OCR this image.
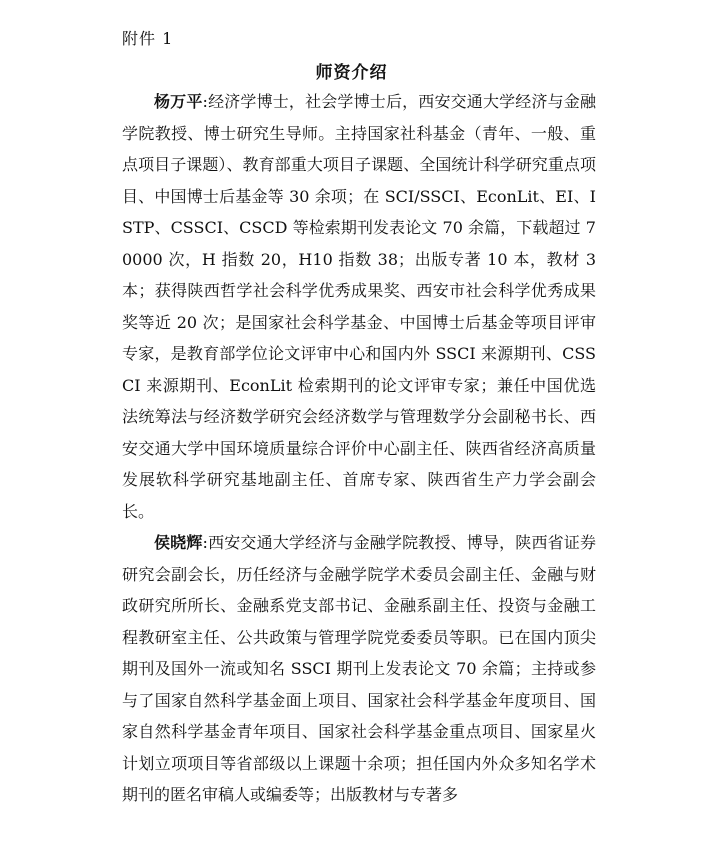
附件 1
师资介绍

杨万平:经济学博士，社会学博士后，西安交通大学经济与金融学院教授、博士研究生导师。主持国家社科基金（青年、一般、重点项目子课题）、教育部重大项目子课题、全国统计科学研究重点项目、中国博士后基金等 30 余项；在 SCI/SSCI、EconLit、EI、ISTP、CSSCI、CSCD 等检索期刊发表论文 70 余篇，下载超过 70000 次，H 指数 20，H10 指数 38；出版专著 10 本，教材 3 本；获得陕西哲学社会科学优秀成果奖、西安市社会科学优秀成果奖等近 20 次；是国家社会科学基金、中国博士后基金等项目评审专家，是教育部学位论文评审中心和国内外 SSCI 来源期刊、CSSCI 来源期刊、EconLit 检索期刊的论文评审专家；兼任中国优选法统筹法与经济数学研究会经济数学与管理数学分会副秘书长、西安交通大学中国环境质量综合评价中心副主任、陕西省经济高质量发展软科学研究基地副主任、首席专家、陕西省生产力学会副会长。

侯晓辉:西安交通大学经济与金融学院教授、博导，陕西省证券研究会副会长，历任经济与金融学院学术委员会副主任、金融与财政研究所所长、金融系党支部书记、金融系副主任、投资与金融工程教研室主任、公共政策与管理学院党委委员等职。已在国内顶尖期刊及国外一流或知名 SSCI 期刊上发表论文 70 余篇；主持或参与了国家自然科学基金面上项目、国家社会科学基金年度项目、国家自然科学基金青年项目、国家社会科学基金重点项目、国家星火计划立项项目等省部级以上课题十余项；担任国内外众多知名学术期刊的匿名审稿人或编委等；出版教材与专著多
